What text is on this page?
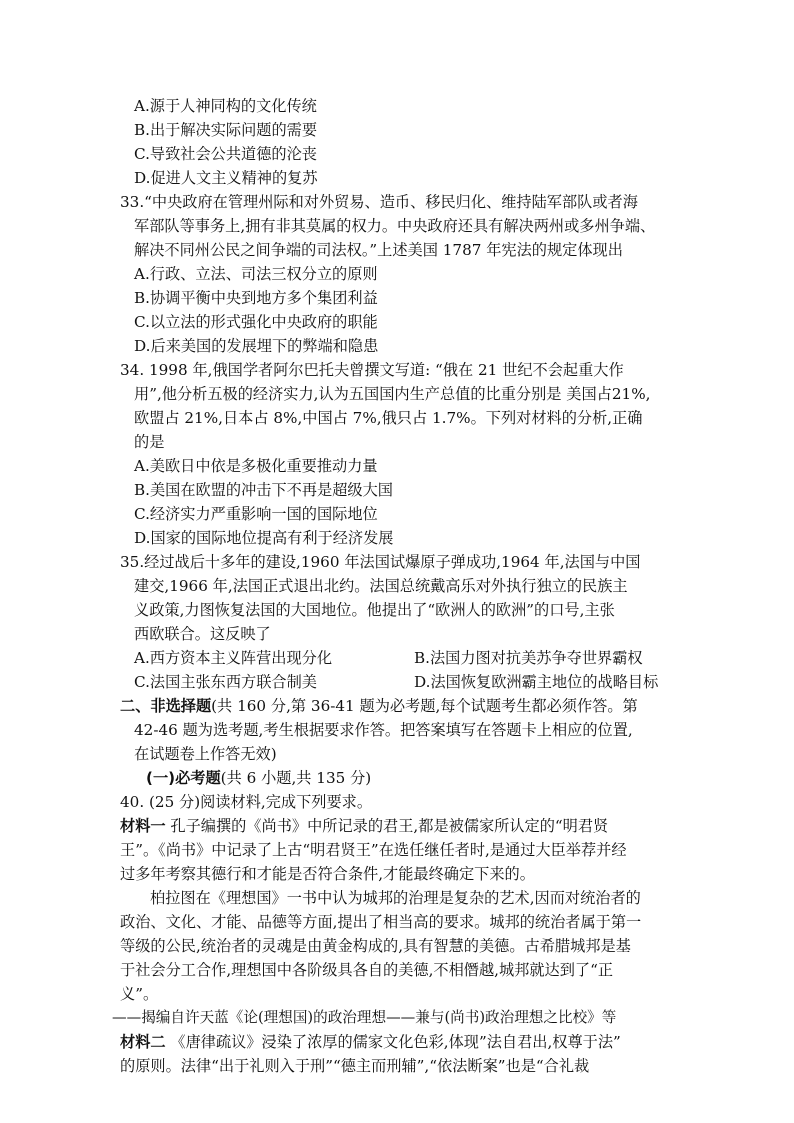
A.源于人神同构的文化传统
B.出于解决实际问题的需要
C.导致社会公共道德的沦丧
D.促进人文主义精神的复苏
33.“中央政府在管理州际和对外贸易、造币、移民归化、维持陆军部队或者海
军部队等事务上,拥有非其莫属的权力。中央政府还具有解决两州或多州争端、
解决不同州公民之间争端的司法权。”上述美国 1787 年宪法的规定体现出
A.行政、立法、司法三权分立的原则
B.协调平衡中央到地方多个集团利益
C.以立法的形式强化中央政府的职能
D.后来美国的发展埋下的弊端和隐患
34. 1998 年,俄国学者阿尔巴托夫曾撰文写道: “俄在 21 世纪不会起重大作
用”,他分析五极的经济实力,认为五国国内生产总值的比重分别是 美国占21%,
欧盟占 21%,日本占 8%,中国占 7%,俄只占 1.7%。下列对材料的分析,正确
的是
A.美欧日中依是多极化重要推动力量
B.美国在欧盟的冲击下不再是超级大国
C.经济实力严重影响一国的国际地位
D.国家的国际地位提高有利于经济发展
35.经过战后十多年的建设,1960 年法国试爆原子弹成功,1964 年,法国与中国
建交,1966 年,法国正式退出北约。法国总统戴高乐对外执行独立的民族主
义政策,力图恢复法国的大国地位。他提出了“欧洲人的欧洲”的口号,主张
西欧联合。这反映了
A.西方资本主义阵营出现分化	B.法国力图对抗美苏争夺世界霸权
C.法国主张东西方联合制美	D.法国恢复欧洲霸主地位的战略目标
二、非选择题(共 160 分,第 36-41 题为必考题,每个试题考生都必须作答。第
42-46 题为选考题,考生根据要求作答。把答案填写在答题卡上相应的位置,
在试题卷上作答无效)
(一)必考题(共 6 小题,共 135 分)
40. (25 分)阅读材料,完成下列要求。
材料一 孔子编撰的《尚书》中所记录的君王,都是被儒家所认定的“明君贤
王”。《尚书》中记录了上古“明君贤王”在选任继任者时,是通过大臣举荐并经
过多年考察其德行和才能是否符合条件,才能最终确定下来的。
柏拉图在《理想国》一书中认为城邦的治理是复杂的艺术,因而对统治者的
政治、文化、才能、品德等方面,提出了相当高的要求。城邦的统治者属于第一
等级的公民,统治者的灵魂是由黄金构成的,具有智慧的美德。古希腊城邦是基
于社会分工合作,理想国中各阶级具各自的美德,不相僭越,城邦就达到了“正
义”。
——揭编自许天蓝《论(理想国)的政治理想——兼与(尚书)政治理想之比校》等
材料二 《唐律疏议》浸染了浓厚的儒家文化色彩,体现”法自君出,权尊于法”
的原则。法律“出于礼则入于刑”“德主而刑辅”,“依法断案”也是“合礼裁
